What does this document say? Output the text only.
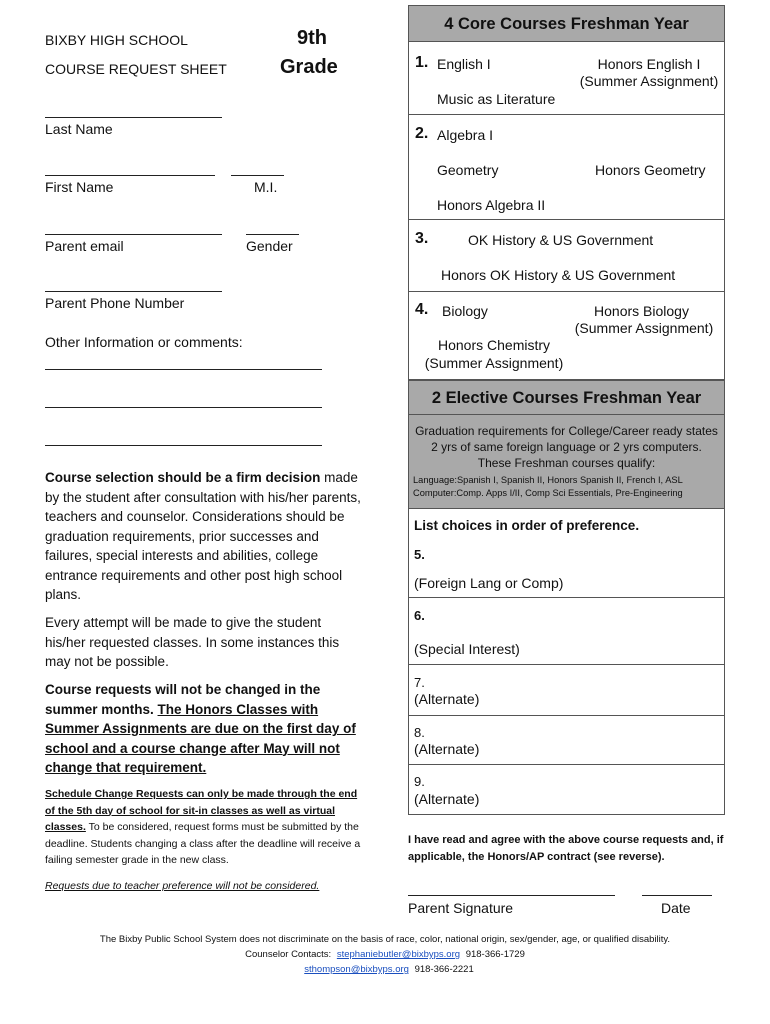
BIXBY HIGH SCHOOL
COURSE REQUEST SHEET
9th
Grade
Last Name
First Name	M.I.
Parent email	Gender
Parent Phone Number
Other Information or comments:
Course selection should be a firm decision made by the student after consultation with his/her parents, teachers and counselor. Considerations should be graduation requirements, prior successes and failures, special interests and abilities, college entrance requirements and other post high school plans.
Every attempt will be made to give the student his/her requested classes. In some instances this may not be possible.
Course requests will not be changed in the summer months. The Honors Classes with Summer Assignments are due on the first day of school and a course change after May will not change that requirement.
Schedule Change Requests can only be made through the end of the 5th day of school for sit-in classes as well as virtual classes. To be considered, request forms must be submitted by the deadline. Students changing a class after the deadline will receive a failing semester grade in the new class.
Requests due to teacher preference will not be considered.
4 Core Courses Freshman Year
1. English I	Honors English I
(Summer Assignment)
Music as Literature
2. Algebra I
Geometry	Honors Geometry
Honors Algebra II
3.	OK History & US Government
Honors OK History & US Government
4. Biology	Honors Biology
(Summer Assignment)
Honors Chemistry
(Summer Assignment)
2 Elective Courses Freshman Year
Graduation requirements for College/Career ready states 2 yrs of same foreign language or 2 yrs computers. These Freshman courses qualify:
Language:Spanish I, Spanish II, Honors Spanish II, French I, ASL
Computer:Comp. Apps I/II, Comp Sci Essentials, Pre-Engineering
List choices in order of preference.
5.
(Foreign Lang or Comp)
6.
(Special Interest)
7.
(Alternate)
8.
(Alternate)
9.
(Alternate)
I have read and agree with the above course requests and, if applicable, the Honors/AP contract (see reverse).
Parent Signature	Date
The Bixby Public School System does not discriminate on the basis of race, color, national origin, sex/gender, age, or qualified disability.
Counselor Contacts: stephaniebutler@bixbyps.org 918-366-1729
sthompson@bixbyps.org 918-366-2221
